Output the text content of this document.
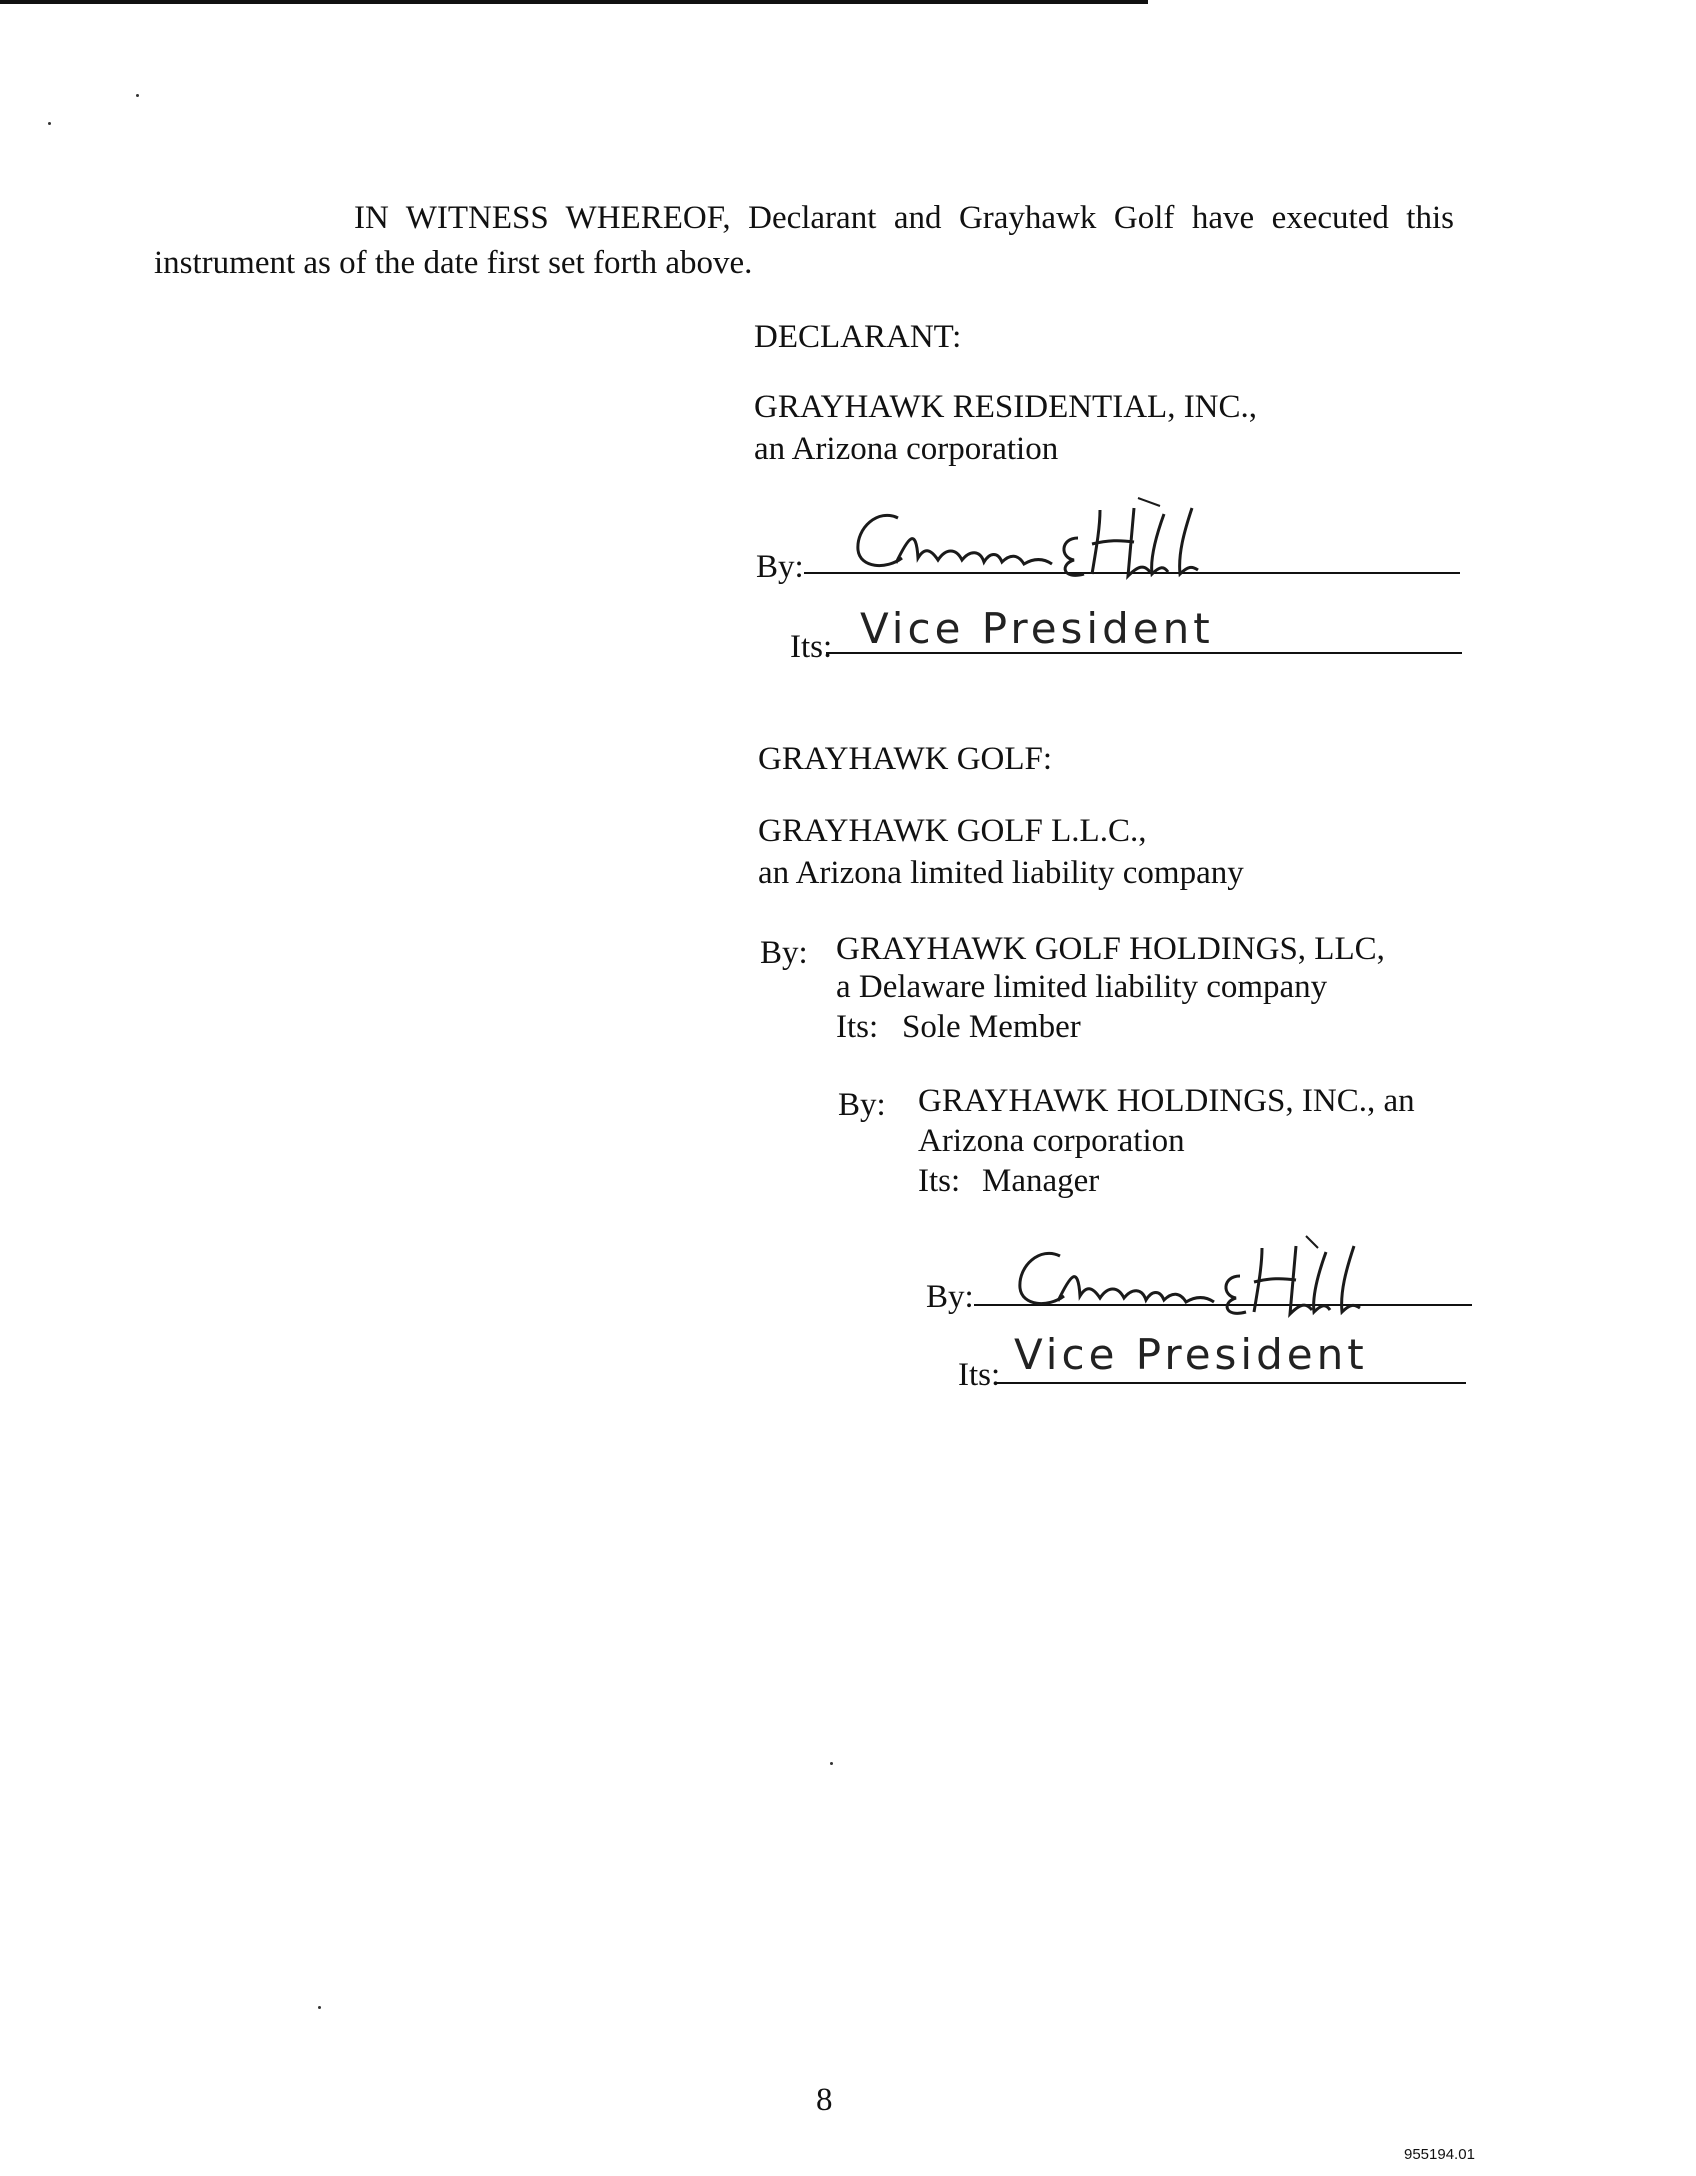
IN WITNESS WHEREOF, Declarant and Grayhawk Golf have executed this
instrument as of the date first set forth above.
DECLARANT:
GRAYHAWK RESIDENTIAL, INC.,
an Arizona corporation
By:
Its: Vice President
GRAYHAWK GOLF:
GRAYHAWK GOLF L.L.C.,
an Arizona limited liability company
By: GRAYHAWK GOLF HOLDINGS, LLC,
a Delaware limited liability company
Its: Sole Member
By: GRAYHAWK HOLDINGS, INC., an
Arizona corporation
Its: Manager
By:
Its: Vice President
8
955194.01
